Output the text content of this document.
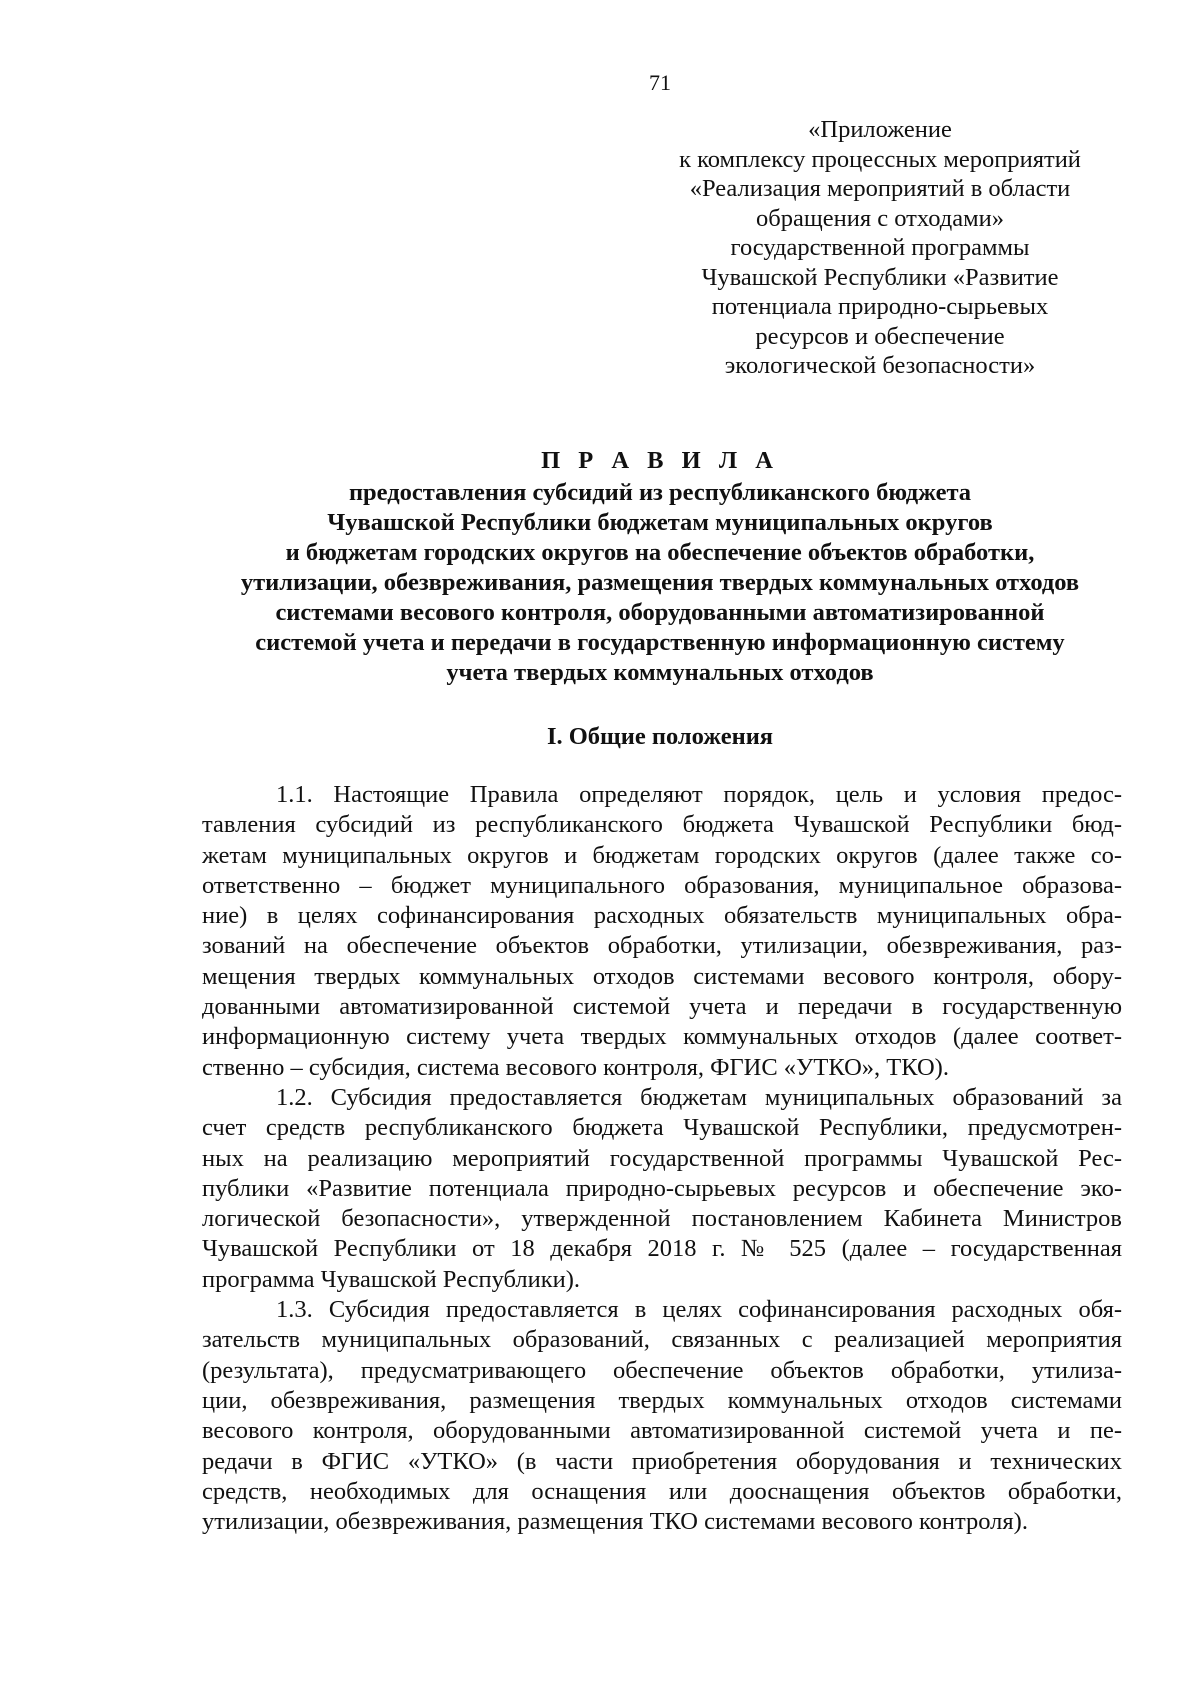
71
«Приложение
к комплексу процессных мероприятий
«Реализация мероприятий в области
обращения с отходами»
государственной программы
Чувашской Республики «Развитие
потенциала природно-сырьевых
ресурсов и обеспечение
экологической безопасности»
П Р А В И Л А
предоставления субсидий из республиканского бюджета
Чувашской Республики бюджетам муниципальных округов
и бюджетам городских округов на обеспечение объектов обработки,
утилизации, обезвреживания, размещения твердых коммунальных отходов
системами весового контроля, оборудованными автоматизированной
системой учета и передачи в государственную информационную систему
учета твердых коммунальных отходов
I. Общие положения
1.1. Настоящие Правила определяют порядок, цель и условия предос-
тавления субсидий из республиканского бюджета Чувашской Республики бюд-
жетам муниципальных округов и бюджетам городских округов (далее также со-
ответственно – бюджет муниципального образования, муниципальное образова-
ние) в целях софинансирования расходных обязательств муниципальных обра-
зований на обеспечение объектов обработки, утилизации, обезвреживания, раз-
мещения твердых коммунальных отходов системами весового контроля, обору-
дованными автоматизированной системой учета и передачи в государственную
информационную систему учета твердых коммунальных отходов (далее соответ-
ственно – субсидия, система весового контроля, ФГИС «УТКО», ТКО).
1.2. Субсидия предоставляется бюджетам муниципальных образований за
счет средств республиканского бюджета Чувашской Республики, предусмотрен-
ных на реализацию мероприятий государственной программы Чувашской Рес-
публики «Развитие потенциала природно-сырьевых ресурсов и обеспечение эко-
логической безопасности», утвержденной постановлением Кабинета Министров
Чувашской Республики от 18 декабря 2018 г. № 525 (далее – государственная
программа Чувашской Республики).
1.3. Субсидия предоставляется в целях софинансирования расходных обя-
зательств муниципальных образований, связанных с реализацией мероприятия
(результата), предусматривающего обеспечение объектов обработки, утилиза-
ции, обезвреживания, размещения твердых коммунальных отходов системами
весового контроля, оборудованными автоматизированной системой учета и пе-
редачи в ФГИС «УТКО» (в части приобретения оборудования и технических
средств, необходимых для оснащения или дооснащения объектов обработки,
утилизации, обезвреживания, размещения ТКО системами весового контроля).
